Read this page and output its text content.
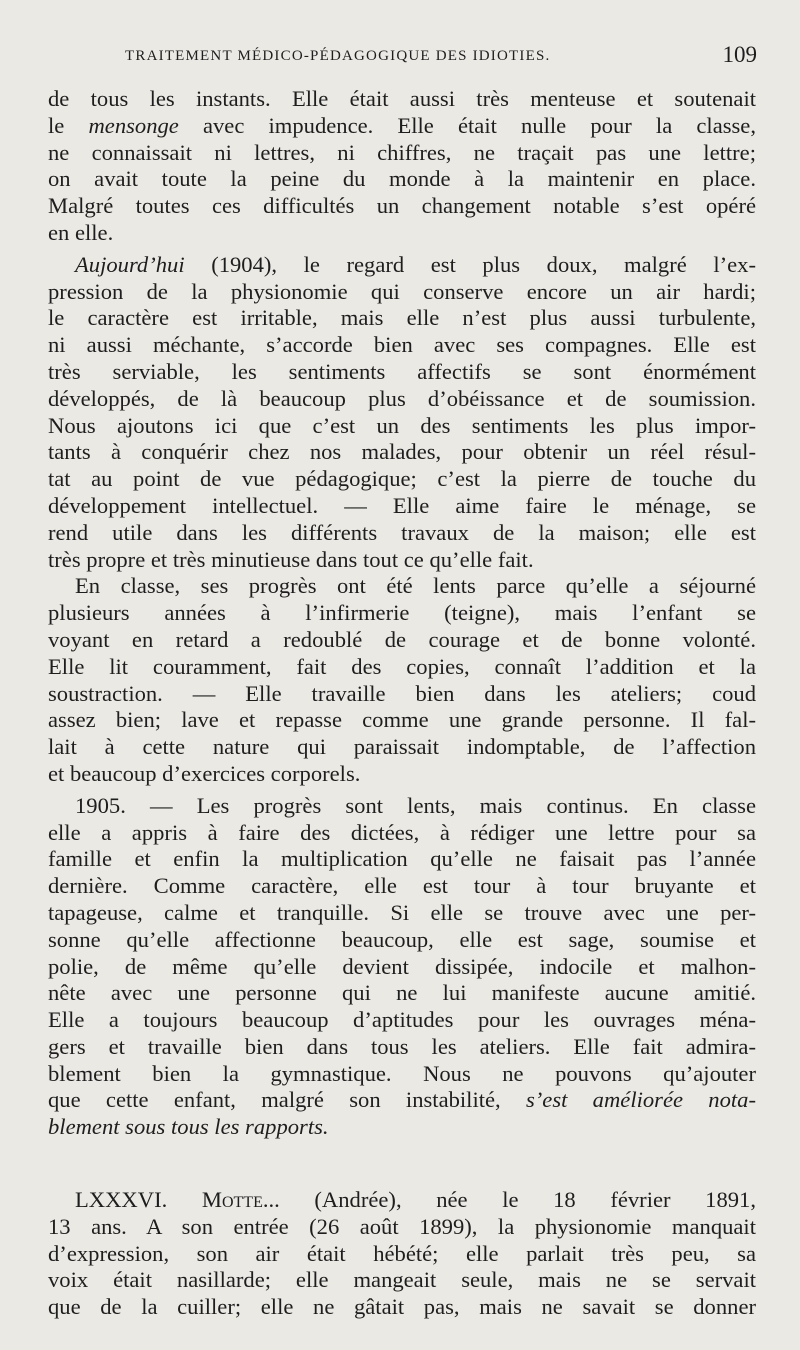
TRAITEMENT MÉDICO-PÉDAGOGIQUE DES IDIOTIES.	109
de tous les instants. Elle était aussi très menteuse et soutenait
le mensonge avec impudence. Elle était nulle pour la classe,
ne connaissait ni lettres, ni chiffres, ne traçait pas une lettre;
on avait toute la peine du monde à la maintenir en place.
Malgré toutes ces difficultés un changement notable s’est opéré
en elle.
Aujourd’hui (1904), le regard est plus doux, malgré l’ex-
pression de la physionomie qui conserve encore un air hardi;
le caractère est irritable, mais elle n’est plus aussi turbulente,
ni aussi méchante, s’accorde bien avec ses compagnes. Elle est
très serviable, les sentiments affectifs se sont énormément
développés, de là beaucoup plus d’obéissance et de soumission.
Nous ajoutons ici que c’est un des sentiments les plus impor-
tants à conquérir chez nos malades, pour obtenir un réel résul-
tat au point de vue pédagogique; c’est la pierre de touche du
développement intellectuel. — Elle aime faire le ménage, se
rend utile dans les différents travaux de la maison; elle est
très propre et très minutieuse dans tout ce qu’elle fait.
En classe, ses progrès ont été lents parce qu’elle a séjourné
plusieurs années à l’infirmerie (teigne), mais l’enfant se
voyant en retard a redoublé de courage et de bonne volonté.
Elle lit couramment, fait des copies, connaît l’addition et la
soustraction. — Elle travaille bien dans les ateliers; coud
assez bien; lave et repasse comme une grande personne. Il fal-
lait à cette nature qui paraissait indomptable, de l’affection
et beaucoup d’exercices corporels.
1905. — Les progrès sont lents, mais continus. En classe
elle a appris à faire des dictées, à rédiger une lettre pour sa
famille et enfin la multiplication qu’elle ne faisait pas l’année
dernière. Comme caractère, elle est tour à tour bruyante et
tapageuse, calme et tranquille. Si elle se trouve avec une per-
sonne qu’elle affectionne beaucoup, elle est sage, soumise et
polie, de même qu’elle devient dissipée, indocile et malhon-
nête avec une personne qui ne lui manifeste aucune amitié.
Elle a toujours beaucoup d’aptitudes pour les ouvrages ména-
gers et travaille bien dans tous les ateliers. Elle fait admira-
blement bien la gymnastique. Nous ne pouvons qu’ajouter
que cette enfant, malgré son instabilité, s’est améliorée nota-
blement sous tous les rapports.
LXXXVI. Motte... (Andrée), née le 18 février 1891,
13 ans. A son entrée (26 août 1899), la physionomie manquait
d’expression, son air était hébété; elle parlait très peu, sa
voix était nasillarde; elle mangeait seule, mais ne se servait
que de la cuiller; elle ne gâtait pas, mais ne savait se donner
